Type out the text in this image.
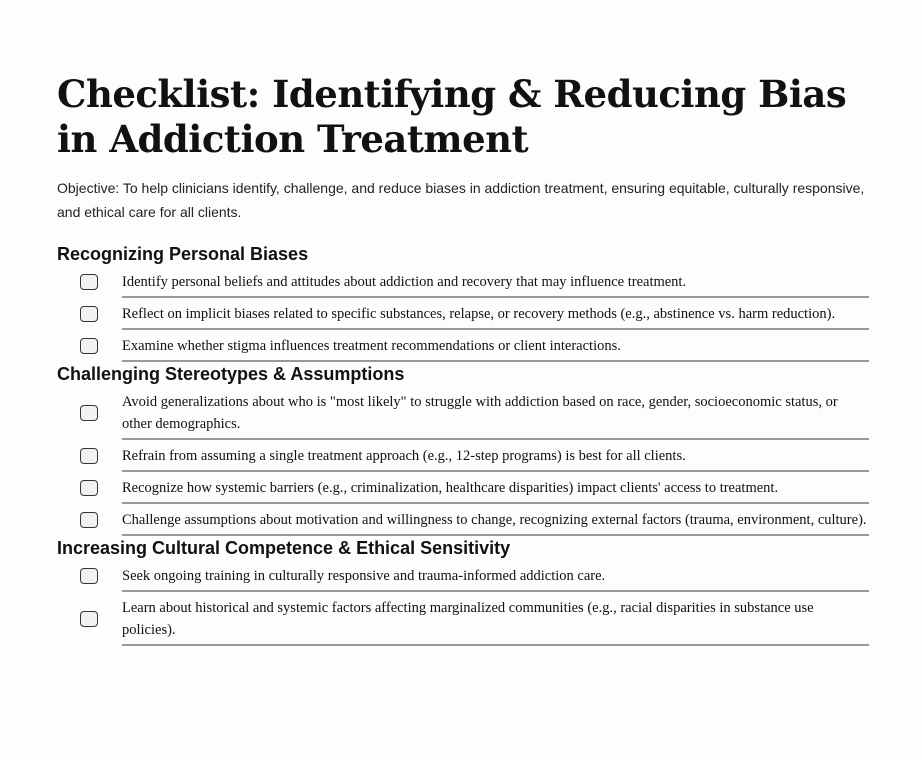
Checklist: Identifying & Reducing Bias in Addiction Treatment

Objective: To help clinicians identify, challenge, and reduce biases in addiction treatment, ensuring equitable, culturally responsive, and ethical care for all clients.

Recognizing Personal Biases
Identify personal beliefs and attitudes about addiction and recovery that may influence treatment.
Reflect on implicit biases related to specific substances, relapse, or recovery methods (e.g., abstinence vs. harm reduction).
Examine whether stigma influences treatment recommendations or client interactions.
Challenging Stereotypes & Assumptions
Avoid generalizations about who is "most likely" to struggle with addiction based on race, gender, socioeconomic status, or other demographics.
Refrain from assuming a single treatment approach (e.g., 12-step programs) is best for all clients.
Recognize how systemic barriers (e.g., criminalization, healthcare disparities) impact clients' access to treatment.
Challenge assumptions about motivation and willingness to change, recognizing external factors (trauma, environment, culture).
Increasing Cultural Competence & Ethical Sensitivity
Seek ongoing training in culturally responsive and trauma-informed addiction care.
Learn about historical and systemic factors affecting marginalized communities (e.g., racial disparities in substance use policies).
